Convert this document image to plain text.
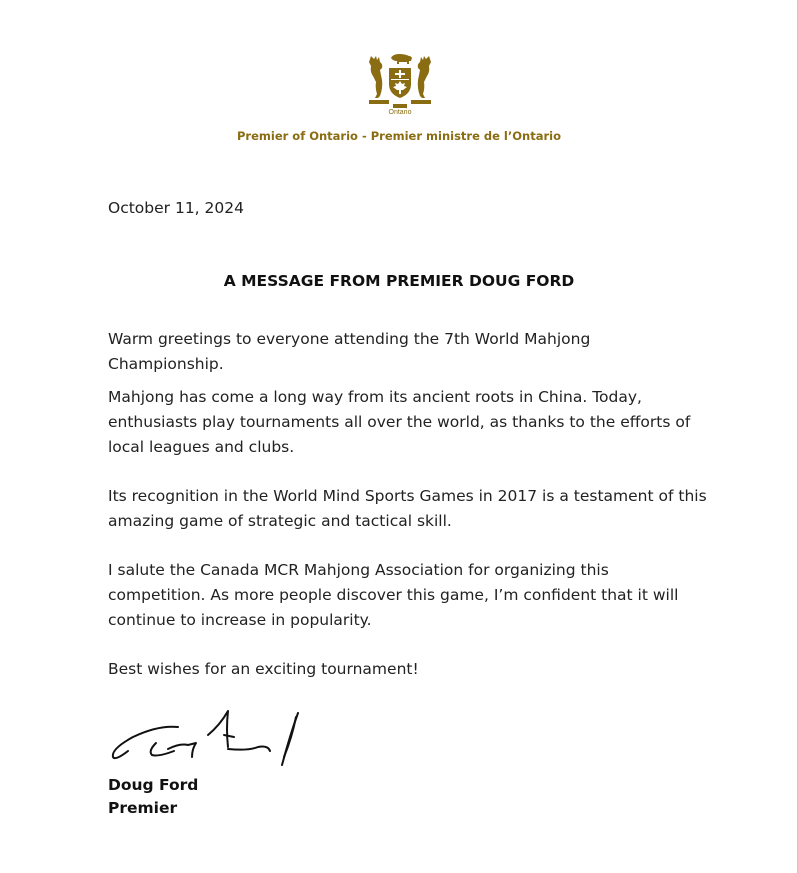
Ontario
Premier of Ontario - Premier ministre de l’Ontario
October 11, 2024
A MESSAGE FROM PREMIER DOUG FORD

Warm greetings to everyone attending the 7th World Mahjong Championship.

Mahjong has come a long way from its ancient roots in China. Today, enthusiasts play tournaments all over the world, as thanks to the efforts of local leagues and clubs.

Its recognition in the World Mind Sports Games in 2017 is a testament of this amazing game of strategic and tactical skill.

I salute the Canada MCR Mahjong Association for organizing this competition. As more people discover this game, I’m confident that it will continue to increase in popularity.

Best wishes for an exciting tournament!

Doug Ford
Premier
